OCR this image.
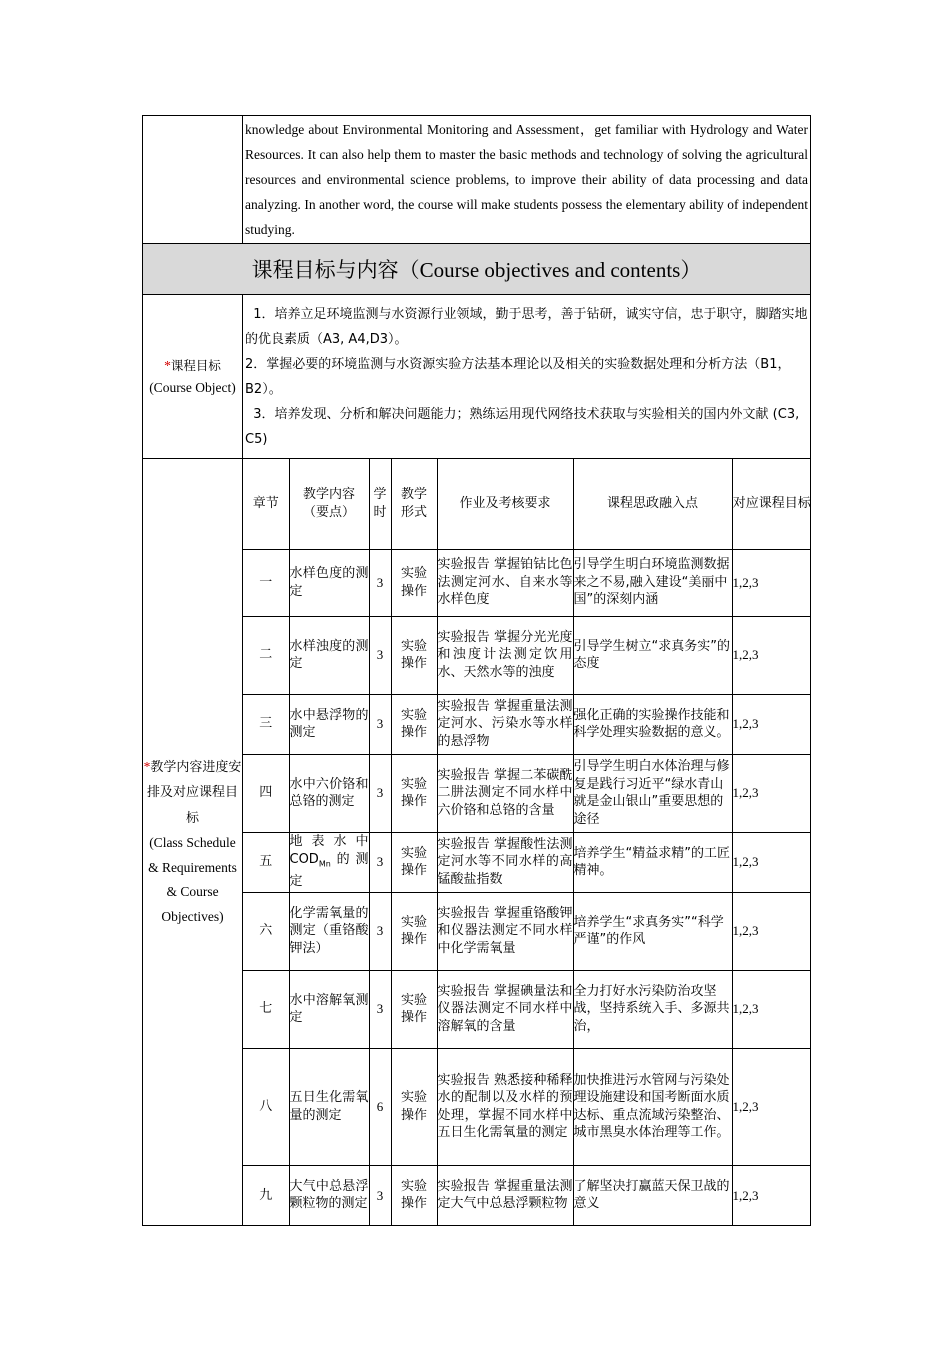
	knowledge about Environmental Monitoring and Assessment，get familiar with Hydrology and Water Resources. It can also help them to master the basic methods and technology of solving the agricultural resources and environmental science problems, to improve their ability of data processing and data analyzing. In another word, the course will make students possess the elementary ability of independent studying.
课程目标与内容（Course objectives and contents）
*课程目标
(Course Object)	

1．培养立足环境监测与水资源行业领域，勤于思考，善于钻研，诚实守信，忠于职守，脚踏实地的优良素质（A3, A4,D3）。

2．掌握必要的环境监测与水资源实验方法基本理论以及相关的实验数据处理和分析方法（B1，B2）。

3．培养发现、分析和解决问题能力；熟练运用现代网络技术获取与实验相关的国内外文献 (C3, C5)

*教学内容进度安排及对应课程目标
(Class Schedule & Requirements & Course Objectives)	
章节	教学内容（要点）	学时	教学形式	作业及考核要求	课程思政融入点	对应课程目标
一	水样色度的测定	3	实验操作	实验报告 掌握铂钴比色法测定河水、自来水等水样色度	引导学生明白环境监测数据来之不易,融入建设“美丽中国”的深刻内涵	1,2,3
二	水样浊度的测定	3	实验操作	实验报告 掌握分光光度和浊度计法测定饮用水、天然水等的浊度	引导学生树立“求真务实”的态度	1,2,3
三	水中悬浮物的测定	3	实验操作	实验报告 掌握重量法测定河水、污染水等水样的悬浮物	强化正确的实验操作技能和科学处理实验数据的意义。	1,2,3
四	水中六价铬和总铬的测定	3	实验操作	实验报告 掌握二苯碳酰二肼法测定不同水样中六价铬和总铬的含量	引导学生明白水体治理与修复是践行习近平“绿水青山就是金山银山”重要思想的途径	1,2,3
五	地表水中$COD_{Mn}$的测定	3	实验操作	实验报告 掌握酸性法测定河水等不同水样的高锰酸盐指数	培养学生“精益求精”的工匠精神。	1,2,3
六	化学需氧量的测定（重铬酸钾法）	3	实验操作	实验报告 掌握重铬酸钾和仪器法测定不同水样中化学需氧量	培养学生“求真务实”“科学严谨”的作风	1,2,3
七	水中溶解氧测定	3	实验操作	实验报告 掌握碘量法和仪器法测定不同水样中溶解氧的含量	全力打好水污染防治攻坚战，坚持系统入手、多源共治，	1,2,3
八	五日生化需氧量的测定	6	实验操作	实验报告 熟悉接种稀释水的配制以及水样的预处理，掌握不同水样中五日生化需氧量的测定	加快推进污水管网与污染处理设施建设和国考断面水质达标、重点流域污染整治、城市黑臭水体治理等工作。	1,2,3
九	大气中总悬浮颗粒物的测定	3	实验操作	实验报告 掌握重量法测定大气中总悬浮颗粒物	了解坚决打赢蓝天保卫战的意义	1,2,3
